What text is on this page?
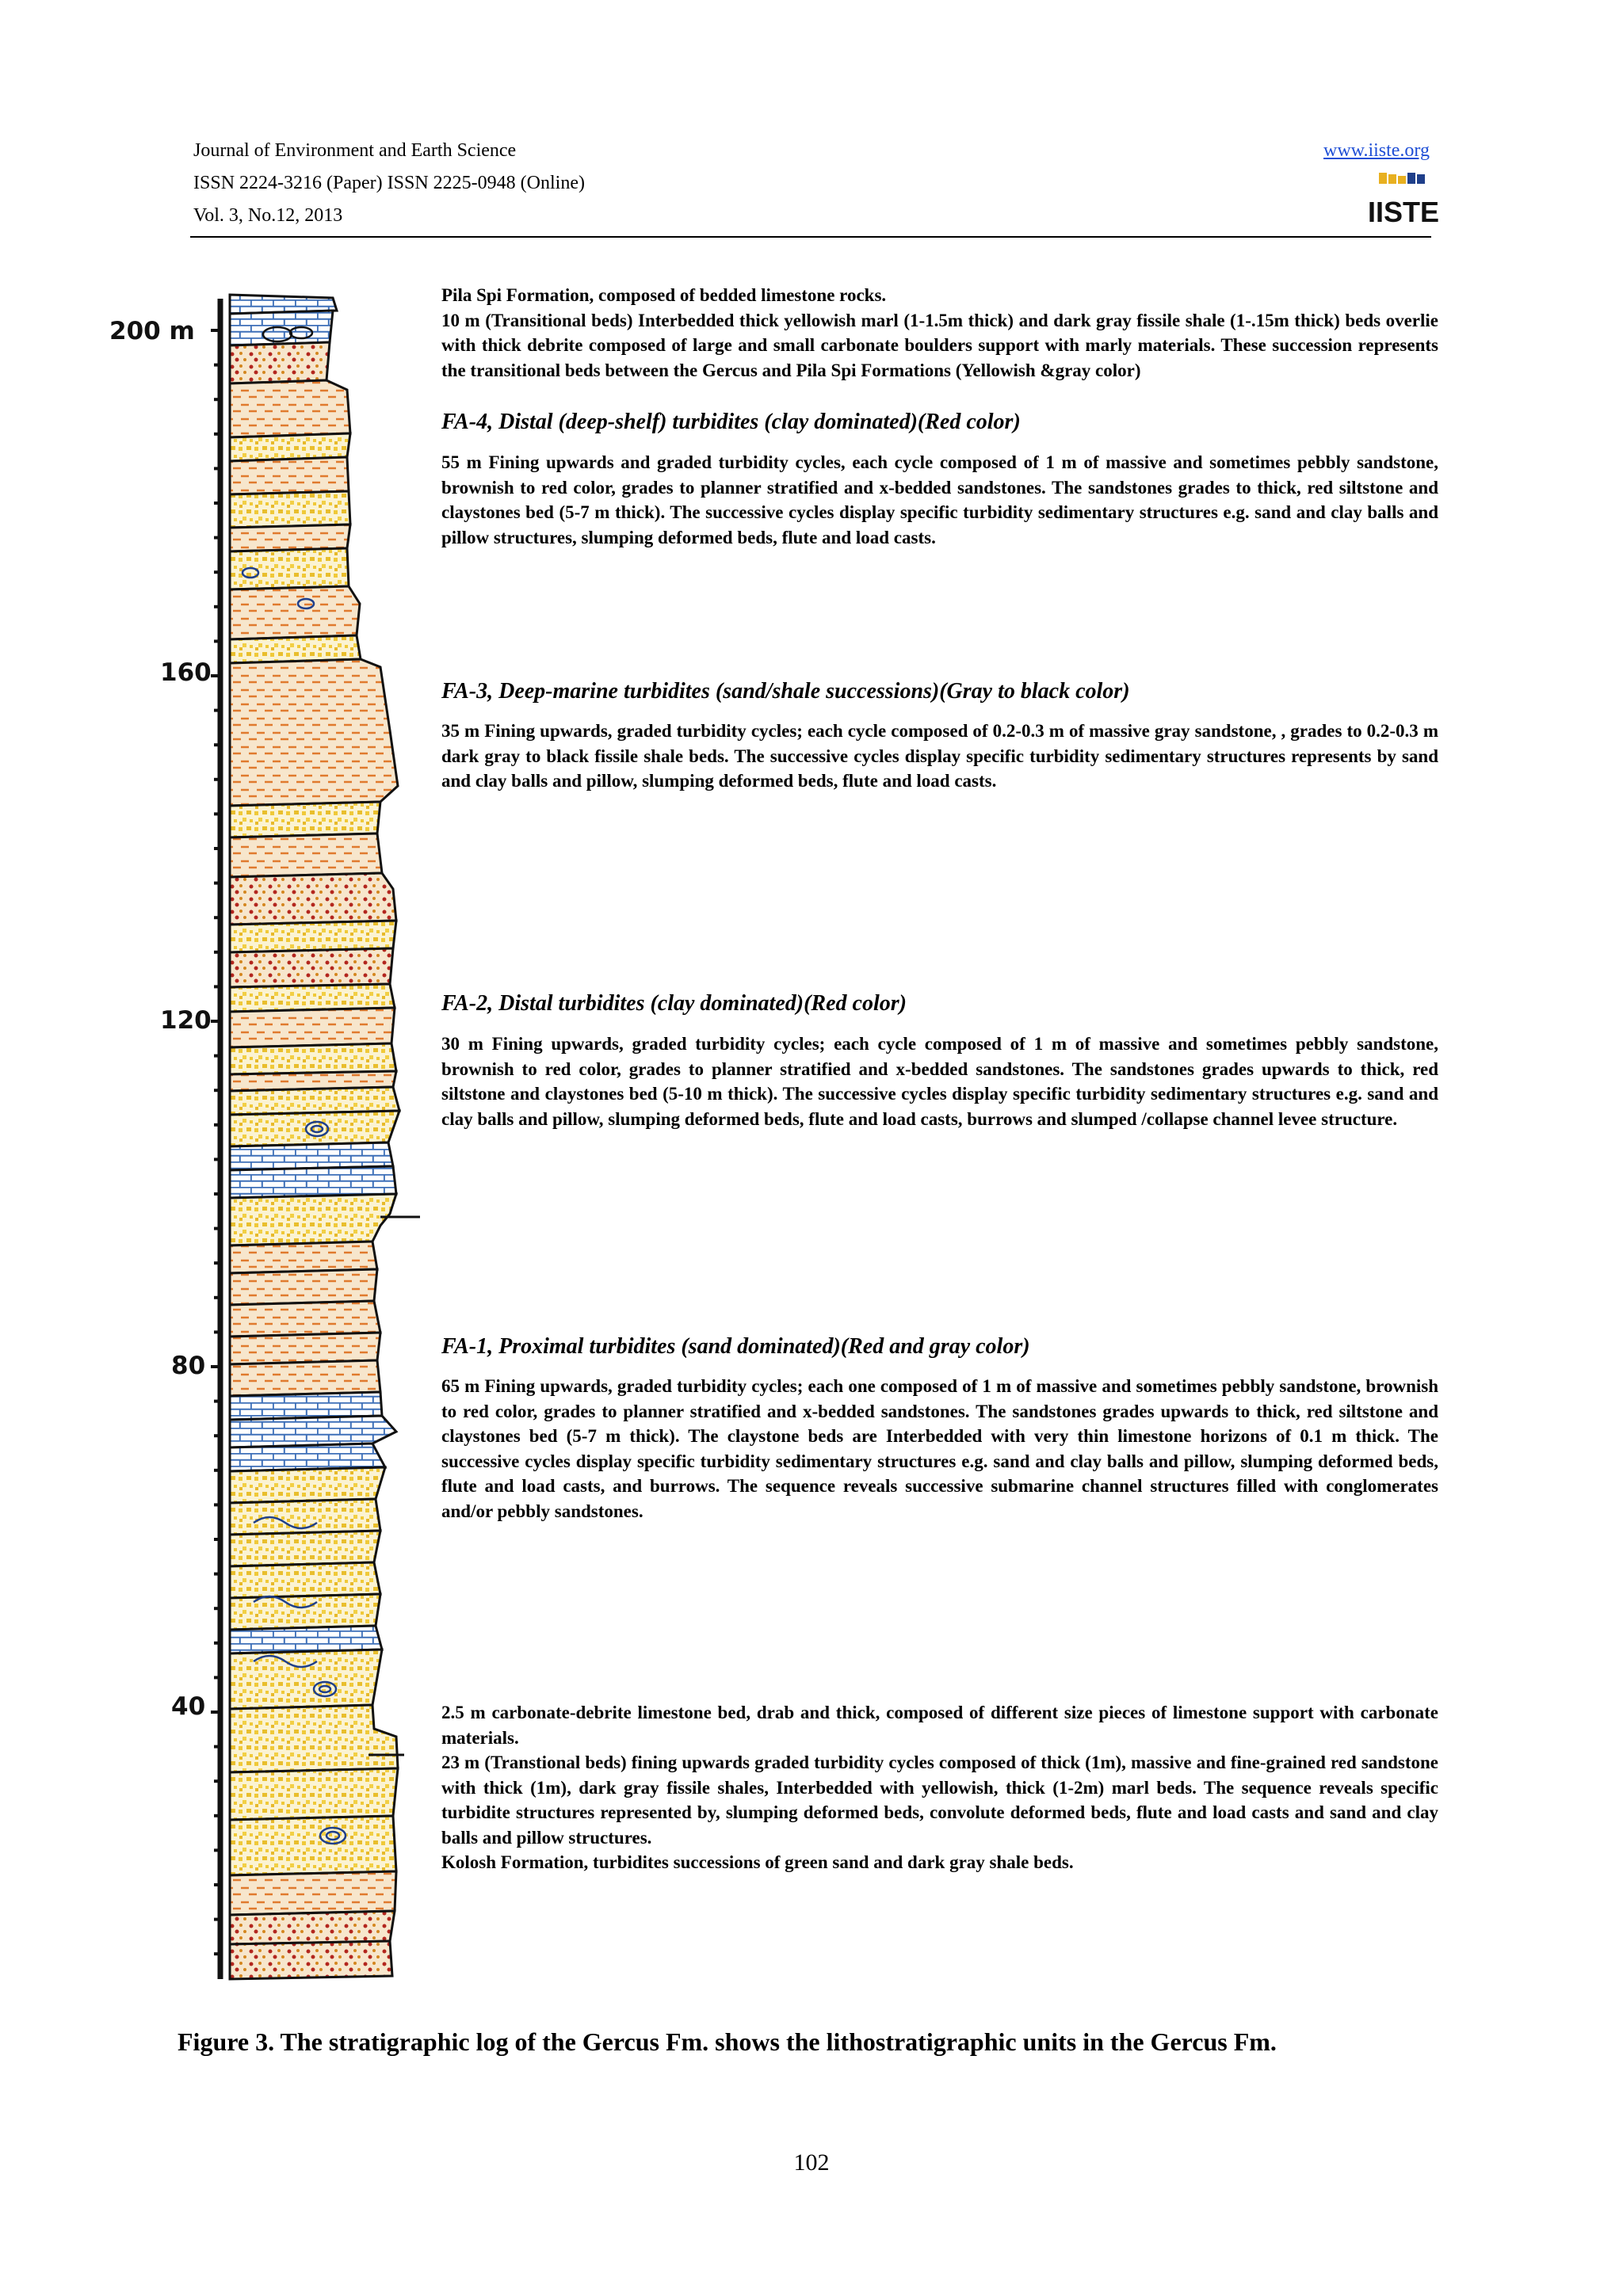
Journal of Environment and Earth Science
ISSN 2224-3216 (Paper) ISSN 2225-0948 (Online)
Vol. 3, No.12, 2013
www.iiste.org
IISTE
200 m
160
120
80
40

Pila Spi Formation, composed of bedded limestone rocks.

10 m (Transitional beds) Interbedded thick yellowish marl (1-1.5m thick) and dark gray fissile shale (1-.15m thick) beds overlie with thick debrite composed of large and small carbonate boulders support with marly materials. These succession represents the transitional beds between the Gercus and Pila Spi Formations (Yellowish &gray color)

FA-4, Distal (deep-shelf) turbidites (clay dominated)(Red color)

55 m Fining upwards and graded turbidity cycles, each cycle composed of 1 m of massive and sometimes pebbly sandstone, brownish to red color, grades to planner stratified and x-bedded sandstones. The sandstones grades to thick, red siltstone and claystones bed (5-7 m thick). The successive cycles display specific turbidity sedimentary structures e.g. sand and clay balls and pillow structures, slumping deformed beds, flute and load casts.

FA-3, Deep-marine turbidites (sand/shale successions)(Gray to black color)

35 m Fining upwards, graded turbidity cycles; each cycle composed of 0.2-0.3 m of massive gray sandstone, , grades to 0.2-0.3 m dark gray to black fissile shale beds. The successive cycles display specific turbidity sedimentary structures represents by sand and clay balls and pillow, slumping deformed beds, flute and load casts.

FA-2, Distal turbidites (clay dominated)(Red color)

30 m Fining upwards, graded turbidity cycles; each cycle composed of 1 m of massive and sometimes pebbly sandstone, brownish to red color, grades to planner stratified and x-bedded sandstones. The sandstones grades upwards to thick, red siltstone and claystones bed (5-10 m thick). The successive cycles display specific turbidity sedimentary structures e.g. sand and clay balls and pillow, slumping deformed beds, flute and load casts, burrows and slumped /collapse channel levee structure.

FA-1, Proximal turbidites (sand dominated)(Red and gray color)

65 m Fining upwards, graded turbidity cycles; each one composed of 1 m of massive and sometimes pebbly sandstone, brownish to red color, grades to planner stratified and x-bedded sandstones. The sandstones grades upwards to thick, red siltstone and claystones bed (5-7 m thick). The claystone beds are Interbedded with very thin limestone horizons of 0.1 m thick. The successive cycles display specific turbidity sedimentary structures e.g. sand and clay balls and pillow, slumping deformed beds, flute and load casts, and burrows. The sequence reveals successive submarine channel structures filled with conglomerates and/or pebbly sandstones.

2.5 m carbonate-debrite limestone bed, drab and thick, composed of different size pieces of limestone support with carbonate materials.

23 m (Transtional beds) fining upwards graded turbidity cycles composed of thick (1m), massive and fine-grained red sandstone with thick (1m), dark gray fissile shales, Interbedded with yellowish, thick (1-2m) marl beds. The sequence reveals specific turbidite structures represented by, slumping deformed beds, convolute deformed beds, flute and load casts and sand and clay balls and pillow structures.

Kolosh Formation, turbidites successions of green sand and dark gray shale beds.

Figure 3. The stratigraphic log of the Gercus Fm. shows the lithostratigraphic units in the Gercus Fm.
102
